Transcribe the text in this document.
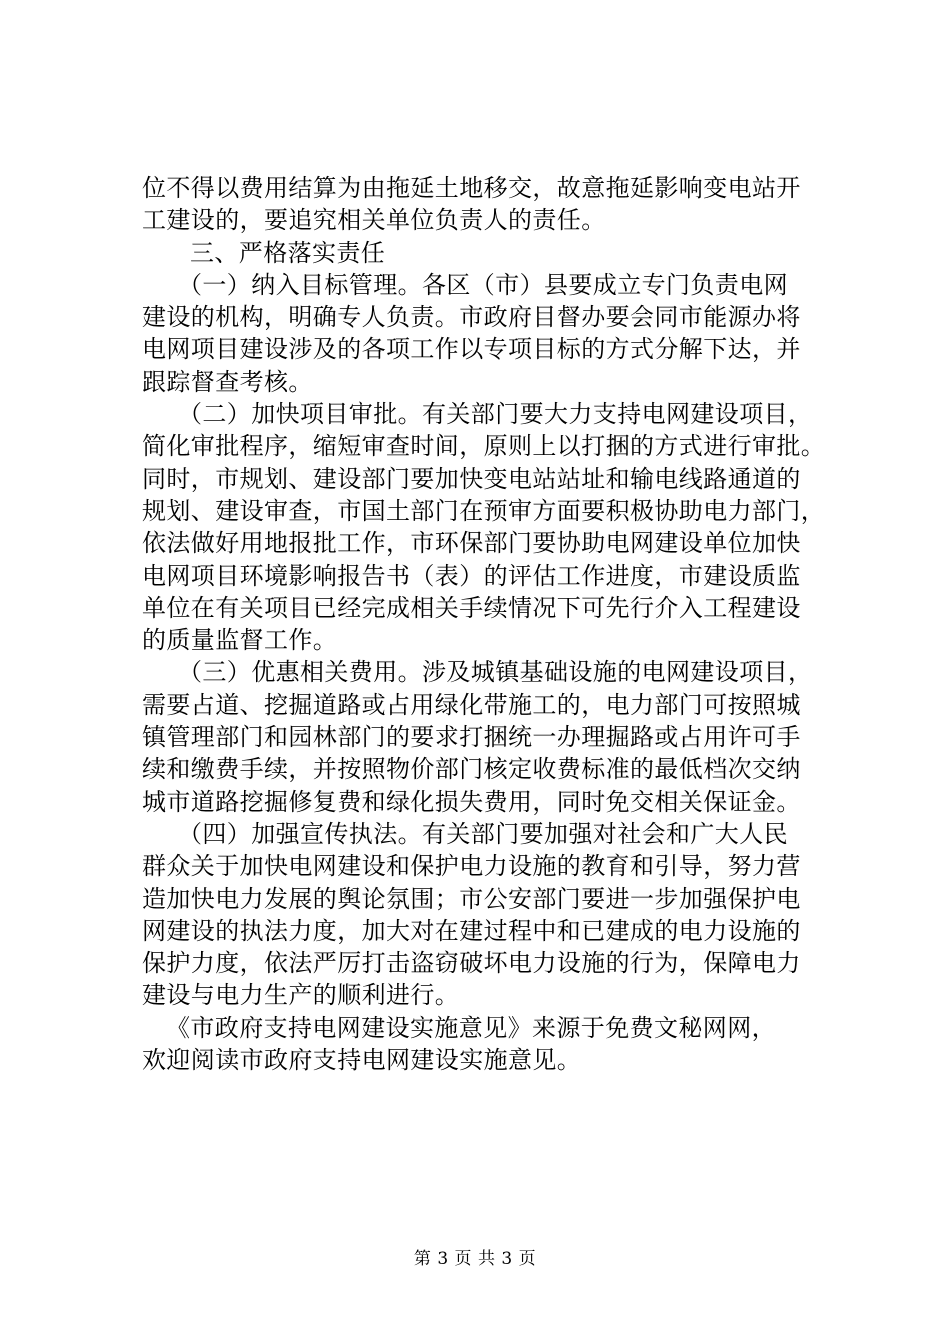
位不得以费用结算为由拖延土地移交，故意拖延影响变电站开
工建设的，要追究相关单位负责人的责任。

三、严格落实责任

（一）纳入目标管理。各区（市）县要成立专门负责电网
建设的机构，明确专人负责。市政府目督办要会同市能源办将
电网项目建设涉及的各项工作以专项目标的方式分解下达，并
跟踪督查考核。

（二）加快项目审批。有关部门要大力支持电网建设项目，
简化审批程序，缩短审查时间，原则上以打捆的方式进行审批。
同时，市规划、建设部门要加快变电站站址和输电线路通道的
规划、建设审查，市国土部门在预审方面要积极协助电力部门，
依法做好用地报批工作，市环保部门要协助电网建设单位加快
电网项目环境影响报告书（表）的评估工作进度，市建设质监
单位在有关项目已经完成相关手续情况下可先行介入工程建设
的质量监督工作。

（三）优惠相关费用。涉及城镇基础设施的电网建设项目，
需要占道、挖掘道路或占用绿化带施工的，电力部门可按照城
镇管理部门和园林部门的要求打捆统一办理掘路或占用许可手
续和缴费手续，并按照物价部门核定收费标准的最低档次交纳
城市道路挖掘修复费和绿化损失费用，同时免交相关保证金。

（四）加强宣传执法。有关部门要加强对社会和广大人民
群众关于加快电网建设和保护电力设施的教育和引导，努力营
造加快电力发展的舆论氛围；市公安部门要进一步加强保护电
网建设的执法力度，加大对在建过程中和已建成的电力设施的
保护力度，依法严厉打击盗窃破坏电力设施的行为，保障电力
建设与电力生产的顺利进行。

《市政府支持电网建设实施意见》来源于免费文秘网网，
欢迎阅读市政府支持电网建设实施意见。

第 3 页 共 3 页
